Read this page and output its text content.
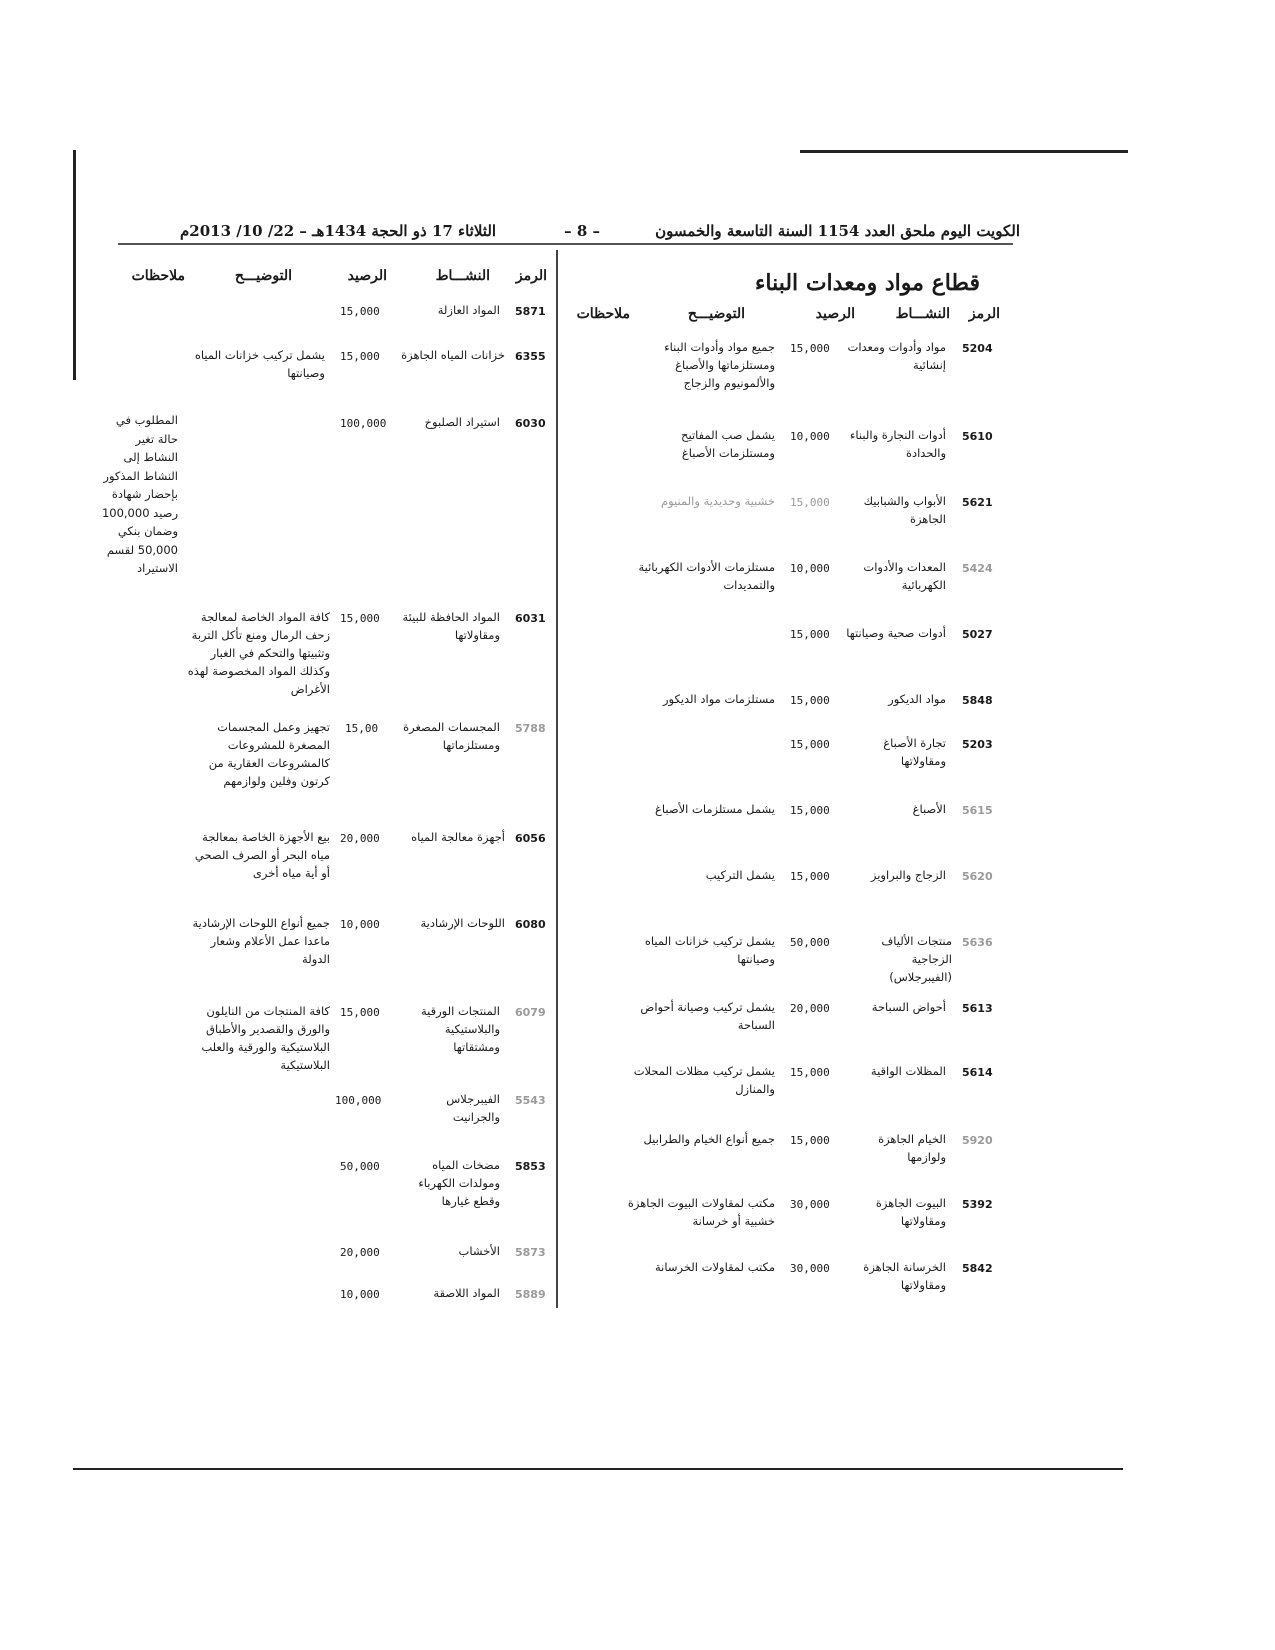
الكويت اليوم ملحق العدد 1154 السنة التاسعة والخمسون
– 8 –
الثلاثاء 17 ذو الحجة 1434هـ – 22/ 10/ 2013م
قطاع مواد ومعدات البناء
الرمز
النشـــاط
الرصيد
التوضيـــح
ملاحظات
الرمز
النشـــاط
الرصيد
التوضيـــح
ملاحظات
5204
مواد وأدوات ومعدات إنشائية
15,000
جميع مواد وأدوات البناء ومستلزماتها والأصباغ والألمونيوم والزجاج
5610
أدوات النجارة والبناء والحدادة
10,000
يشمل صب المفاتيح ومستلزمات الأصباغ
5621
الأبواب والشبابيك الجاهزة
15,000
خشبية وحديدية والمنيوم
5424
المعدات والأدوات الكهربائية
10,000
مستلزمات الأدوات الكهربائية والتمديدات
5027
أدوات صحية وصيانتها
15,000
5848
مواد الديكور
15,000
مستلزمات مواد الديكور
5203
تجارة الأصباغ ومقاولاتها
15,000
5615
الأصباغ
15,000
يشمل مستلزمات الأصباغ
5620
الزجاج والبراويز
15,000
يشمل التركيب
5636
منتجات الألياف الزجاجية (الفيبرجلاس)
50,000
يشمل تركيب خزانات المياه وصيانتها
5613
أحواض السباحة
20,000
يشمل تركيب وصيانة أحواض السباحة
5614
المظلات الواقية
15,000
يشمل تركيب مظلات المحلات والمنازل
5920
الخيام الجاهزة ولوازمها
15,000
جميع أنواع الخيام والطرابيل
5392
البيوت الجاهزة ومقاولاتها
30,000
مكتب لمقاولات البيوت الجاهزة خشبية أو خرسانة
5842
الخرسانة الجاهزة ومقاولاتها
30,000
مكتب لمقاولات الخرسانة
5871
المواد العازلة
15,000
6355
خزانات المياه الجاهزة
15,000
يشمل تركيب خزانات المياه وصيانتها
6030
استيراد الصلبوخ
100,000
المطلوب في حالة تغير النشاط إلى النشاط المذكور بإحضار شهادة رصيد 100,000 وضمان بنكي 50,000 لقسم الاستيراد
6031
المواد الحافظة للبيئة ومقاولاتها
15,000
كافة المواد الخاصة لمعالجة زحف الرمال ومنع تأكل التربة وتثبيتها والتحكم في الغبار وكذلك المواد المخصوصة لهذه الأغراض
5788
المجسمات المصغرة ومستلزماتها
15,00
تجهيز وعمل المجسمات المصغرة للمشروعات كالمشروعات العقارية من كرتون وفلين ولوازمهم
6056
أجهزة معالجة المياه
20,000
بيع الأجهزة الخاصة بمعالجة مياه البحر أو الصرف الصحي أو أية مياه أخرى
6080
اللوحات الإرشادية
10,000
جميع أنواع اللوحات الإرشادية ماعدا عمل الأعلام وشعار الدولة
6079
المنتجات الورقية والبلاستيكية ومشتقاتها
15,000
كافة المنتجات من النايلون والورق والقصدير والأطباق البلاستيكية والورقية والعلب البلاستيكية
5543
الفيبرجلاس والجرانيت
100,000
5853
مضخات المياه ومولدات الكهرباء وقطع غيارها
50,000
5873
الأخشاب
20,000
5889
المواد اللاصقة
10,000
